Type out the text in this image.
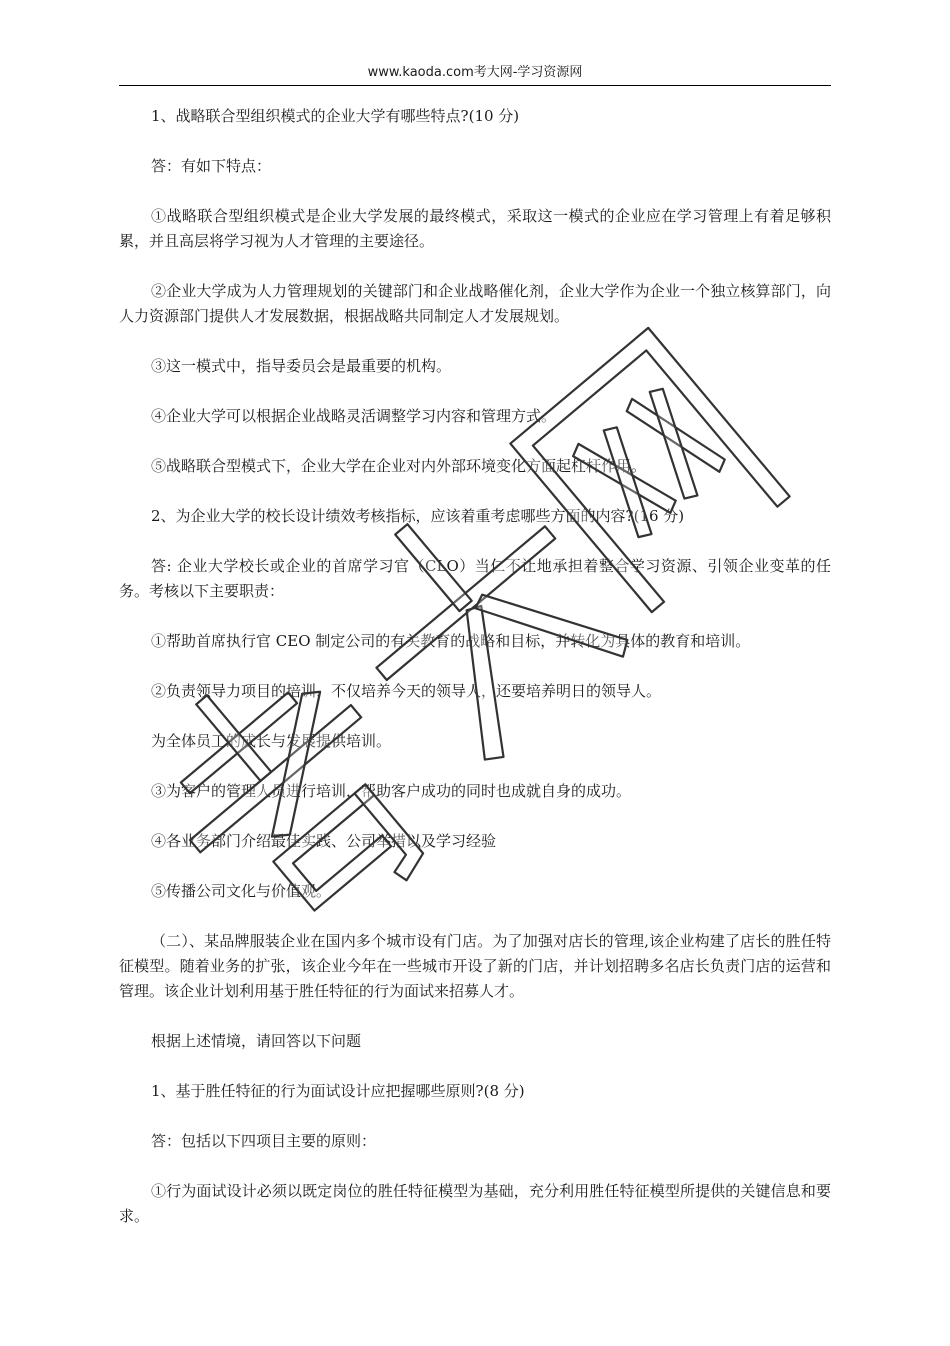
www.kaoda.com考大网-学习资源网

1、战略联合型组织模式的企业大学有哪些特点?(10 分)

答：有如下特点：

①战略联合型组织模式是企业大学发展的最终模式，采取这一模式的企业应在学习管理上有着足够积累，并且高层将学习视为人才管理的主要途径。

②企业大学成为人力管理规划的关键部门和企业战略催化剂，企业大学作为企业一个独立核算部门，向人力资源部门提供人才发展数据，根据战略共同制定人才发展规划。

③这一模式中，指导委员会是最重要的机构。

④企业大学可以根据企业战略灵活调整学习内容和管理方式。

⑤战略联合型模式下，企业大学在企业对内外部环境变化方面起杠杆作用。

2、为企业大学的校长设计绩效考核指标，应该着重考虑哪些方面的内容?(16 分)

答: 企业大学校长或企业的首席学习官（CLO）当仁不让地承担着整合学习资源、引领企业变革的任务。考核以下主要职责：

①帮助首席执行官 CEO 制定公司的有关教育的战略和目标，并转化为具体的教育和培训。

②负责领导力项目的培训，不仅培养今天的领导人，还要培养明日的领导人。

为全体员工的成长与发展提供培训。

③为客户的管理人员进行培训，帮助客户成功的同时也成就自身的成功。

④各业务部门介绍最佳实践、公司举措以及学习经验

⑤传播公司文化与价值观。

（二）、某品牌服装企业在国内多个城市设有门店。为了加强对店长的管理,该企业构建了店长的胜任特征模型。随着业务的扩张，该企业今年在一些城市开设了新的门店，并计划招聘多名店长负责门店的运营和管理。该企业计划利用基于胜任特征的行为面试来招募人才。

根据上述情境，请回答以下问题

1、基于胜任特征的行为面试设计应把握哪些原则?(8 分)

答：包括以下四项目主要的原则：

①行为面试设计必须以既定岗位的胜任特征模型为基础，充分利用胜任特征模型所提供的关键信息和要求。
